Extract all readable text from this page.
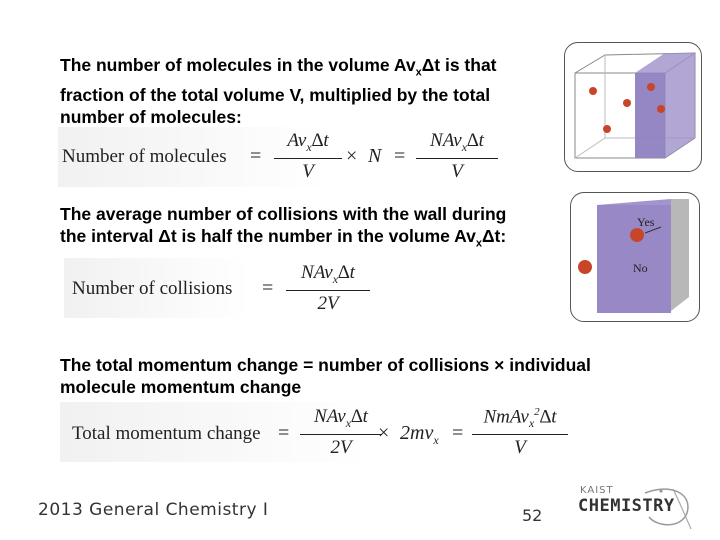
The number of molecules in the volume $Av_x\Delta t$ is that
fraction of the total volume V, multiplied by the total
number of molecules:
Number of molecules =
$Av_x\Delta t$
V
× N =
NAv$_x$∆t
V
The average number of collisions with the wall during
the interval Δt is half the number in the volume $Av_x\Delta t$:
Number of collisions =
NAv$_x$∆t
2V
Yes
No
The total momentum change = number of collisions × individual
molecule momentum change
Total momentum change =
NAv$_x$∆t
2V
× $2mv_x$ =
NmAv$_x^2$∆t
V
2013 General Chemistry I	52
KAIST
CHEMISTRY
